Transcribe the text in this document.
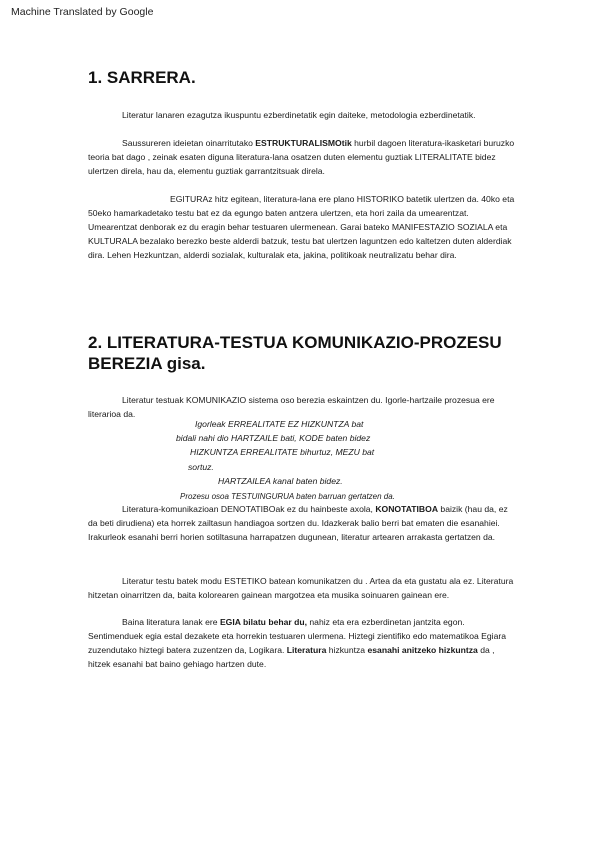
Machine Translated by Google
1. SARRERA.

Literatur lanaren ezagutza ikuspuntu ezberdinetatik egin daiteke, metodologia ezberdinetatik.

Saussureren ideietan oinarritutako ESTRUKTURALISMOtik hurbil dagoen literatura-ikasketari buruzko teoria bat dago , zeinak esaten diguna literatura-lana osatzen duten elementu guztiak LITERALITATE bidez ulertzen direla, hau da, elementu guztiak garrantzitsuak direla.

EGITURAz hitz egitean, literatura-lana ere plano HISTORIKO batetik ulertzen da. 40ko eta 50eko hamarkadetako testu bat ez da egungo baten antzera ulertzen, eta hori zaila da umearentzat. Umearentzat denborak ez du eragin behar testuaren ulermenean. Garai bateko MANIFESTAZIO SOZIALA eta KULTURALA bezalako berezko beste alderdi batzuk, testu bat ulertzen laguntzen edo kaltetzen duten alderdiak dira. Lehen Hezkuntzan, alderdi sozialak, kulturalak eta, jakina, politikoak neutralizatu behar dira.

2. LITERATURA-TESTUA KOMUNIKAZIO-PROZESU
BEREZIA gisa.

Literatur testuak KOMUNIKAZIO sistema oso berezia eskaintzen du. Igorle-hartzaile prozesua ere literarioa da.

Igorleak ERREALITATE EZ HIZKUNTZA bat

bidali nahi dio HARTZAILE bati, KODE baten bidez

HIZKUNTZA ERREALITATE bihurtuz, MEZU bat

sortuz.

HARTZAILEA kanal baten bidez.

Prozesu osoa TESTUINGURUA baten barruan gertatzen da.

Literatura-komunikazioan DENOTATIBOak ez du hainbeste axola, KONOTATIBOA baizik (hau da, ez da beti dirudiena) eta horrek zailtasun handiagoa sortzen du. Idazkerak balio berri bat ematen die esanahiei. Irakurleok esanahi berri horien sotiltasuna harrapatzen dugunean, literatur artearen arrakasta gertatzen da.

Literatur testu batek modu ESTETIKO batean komunikatzen du . Artea da eta gustatu ala ez. Literatura hitzetan oinarritzen da, baita kolorearen gainean margotzea eta musika soinuaren gainean ere.

Baina literatura lanak ere EGIA bilatu behar du, nahiz eta era ezberdinetan jantzita egon. Sentimenduek egia estal dezakete eta horrekin testuaren ulermena. Hiztegi zientifiko edo matematikoa Egiara zuzendutako hiztegi batera zuzentzen da, Logikara. Literatura hizkuntza esanahi anitzeko hizkuntza da , hitzek esanahi bat baino gehiago hartzen dute.
